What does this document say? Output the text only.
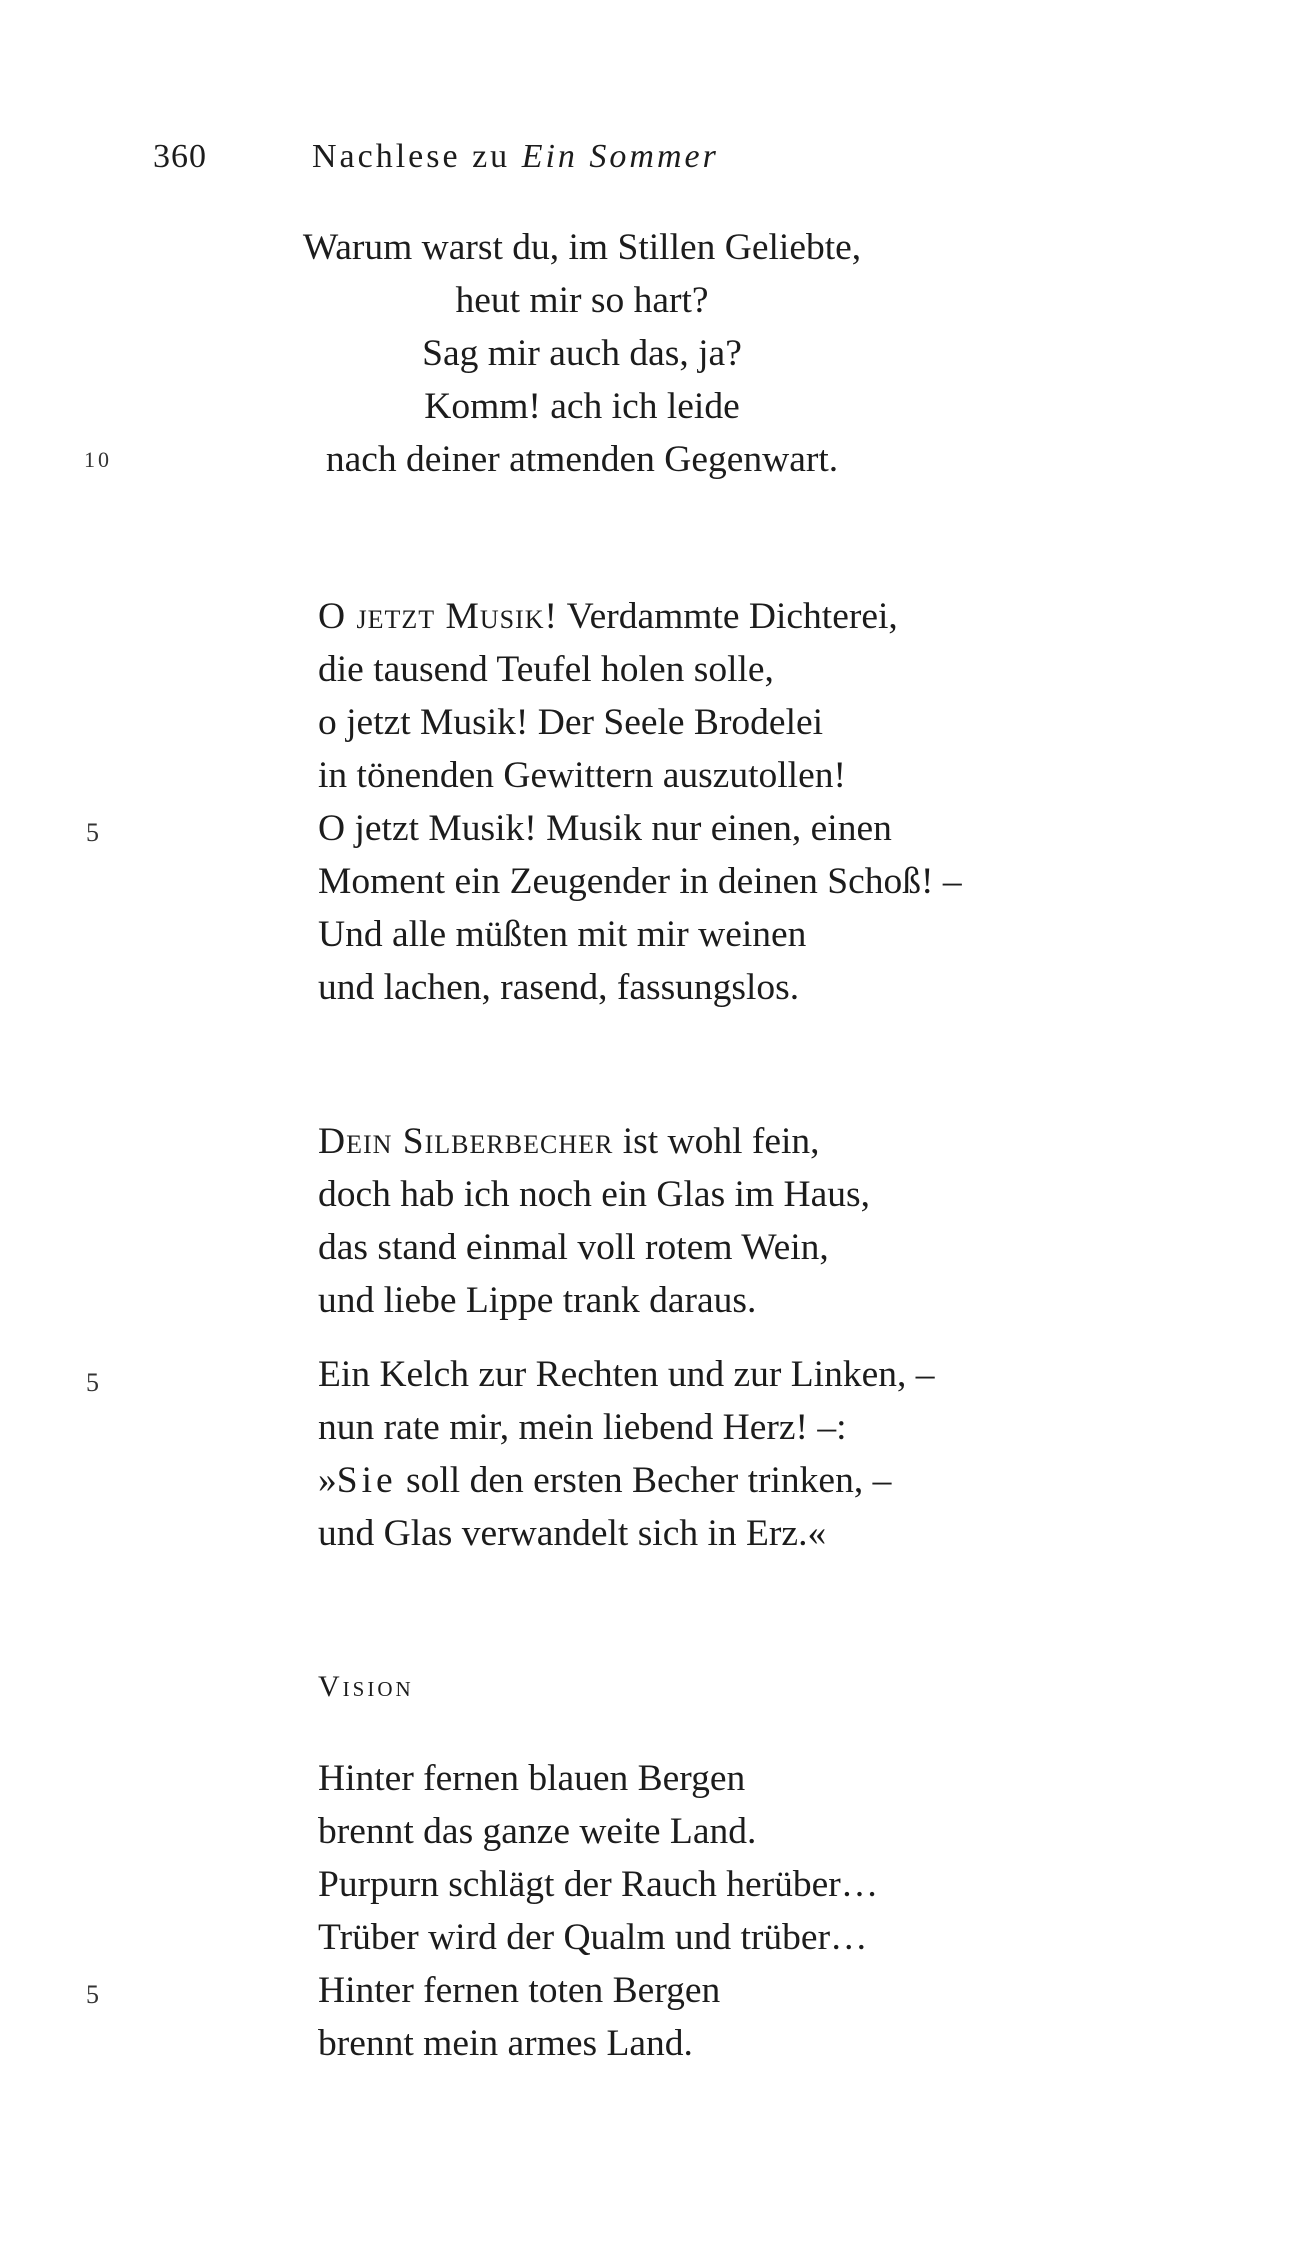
360	Nachlese zu Ein Sommer
Warum warst du, im Stillen Geliebte,
heut mir so hart?
Sag mir auch das, ja?
Komm! ach ich leide
nach deiner atmenden Gegenwart.
10
O jetzt Musik! Verdammte Dichterei,
die tausend Teufel holen solle,
o jetzt Musik! Der Seele Brodelei
in tönenden Gewittern auszutollen!
O jetzt Musik! Musik nur einen, einen
Moment ein Zeugender in deinen Schoß! –
Und alle müßten mit mir weinen
und lachen, rasend, fassungslos.
5
Dein Silberbecher ist wohl fein,
doch hab ich noch ein Glas im Haus,
das stand einmal voll rotem Wein,
und liebe Lippe trank daraus.
Ein Kelch zur Rechten und zur Linken, –
nun rate mir, mein liebend Herz! –:
»Sie soll den ersten Becher trinken, –
und Glas verwandelt sich in Erz.«
5
Vision
Hinter fernen blauen Bergen
brennt das ganze weite Land.
Purpurn schlägt der Rauch herüber…
Trüber wird der Qualm und trüber…
Hinter fernen toten Bergen
brennt mein armes Land.
5
